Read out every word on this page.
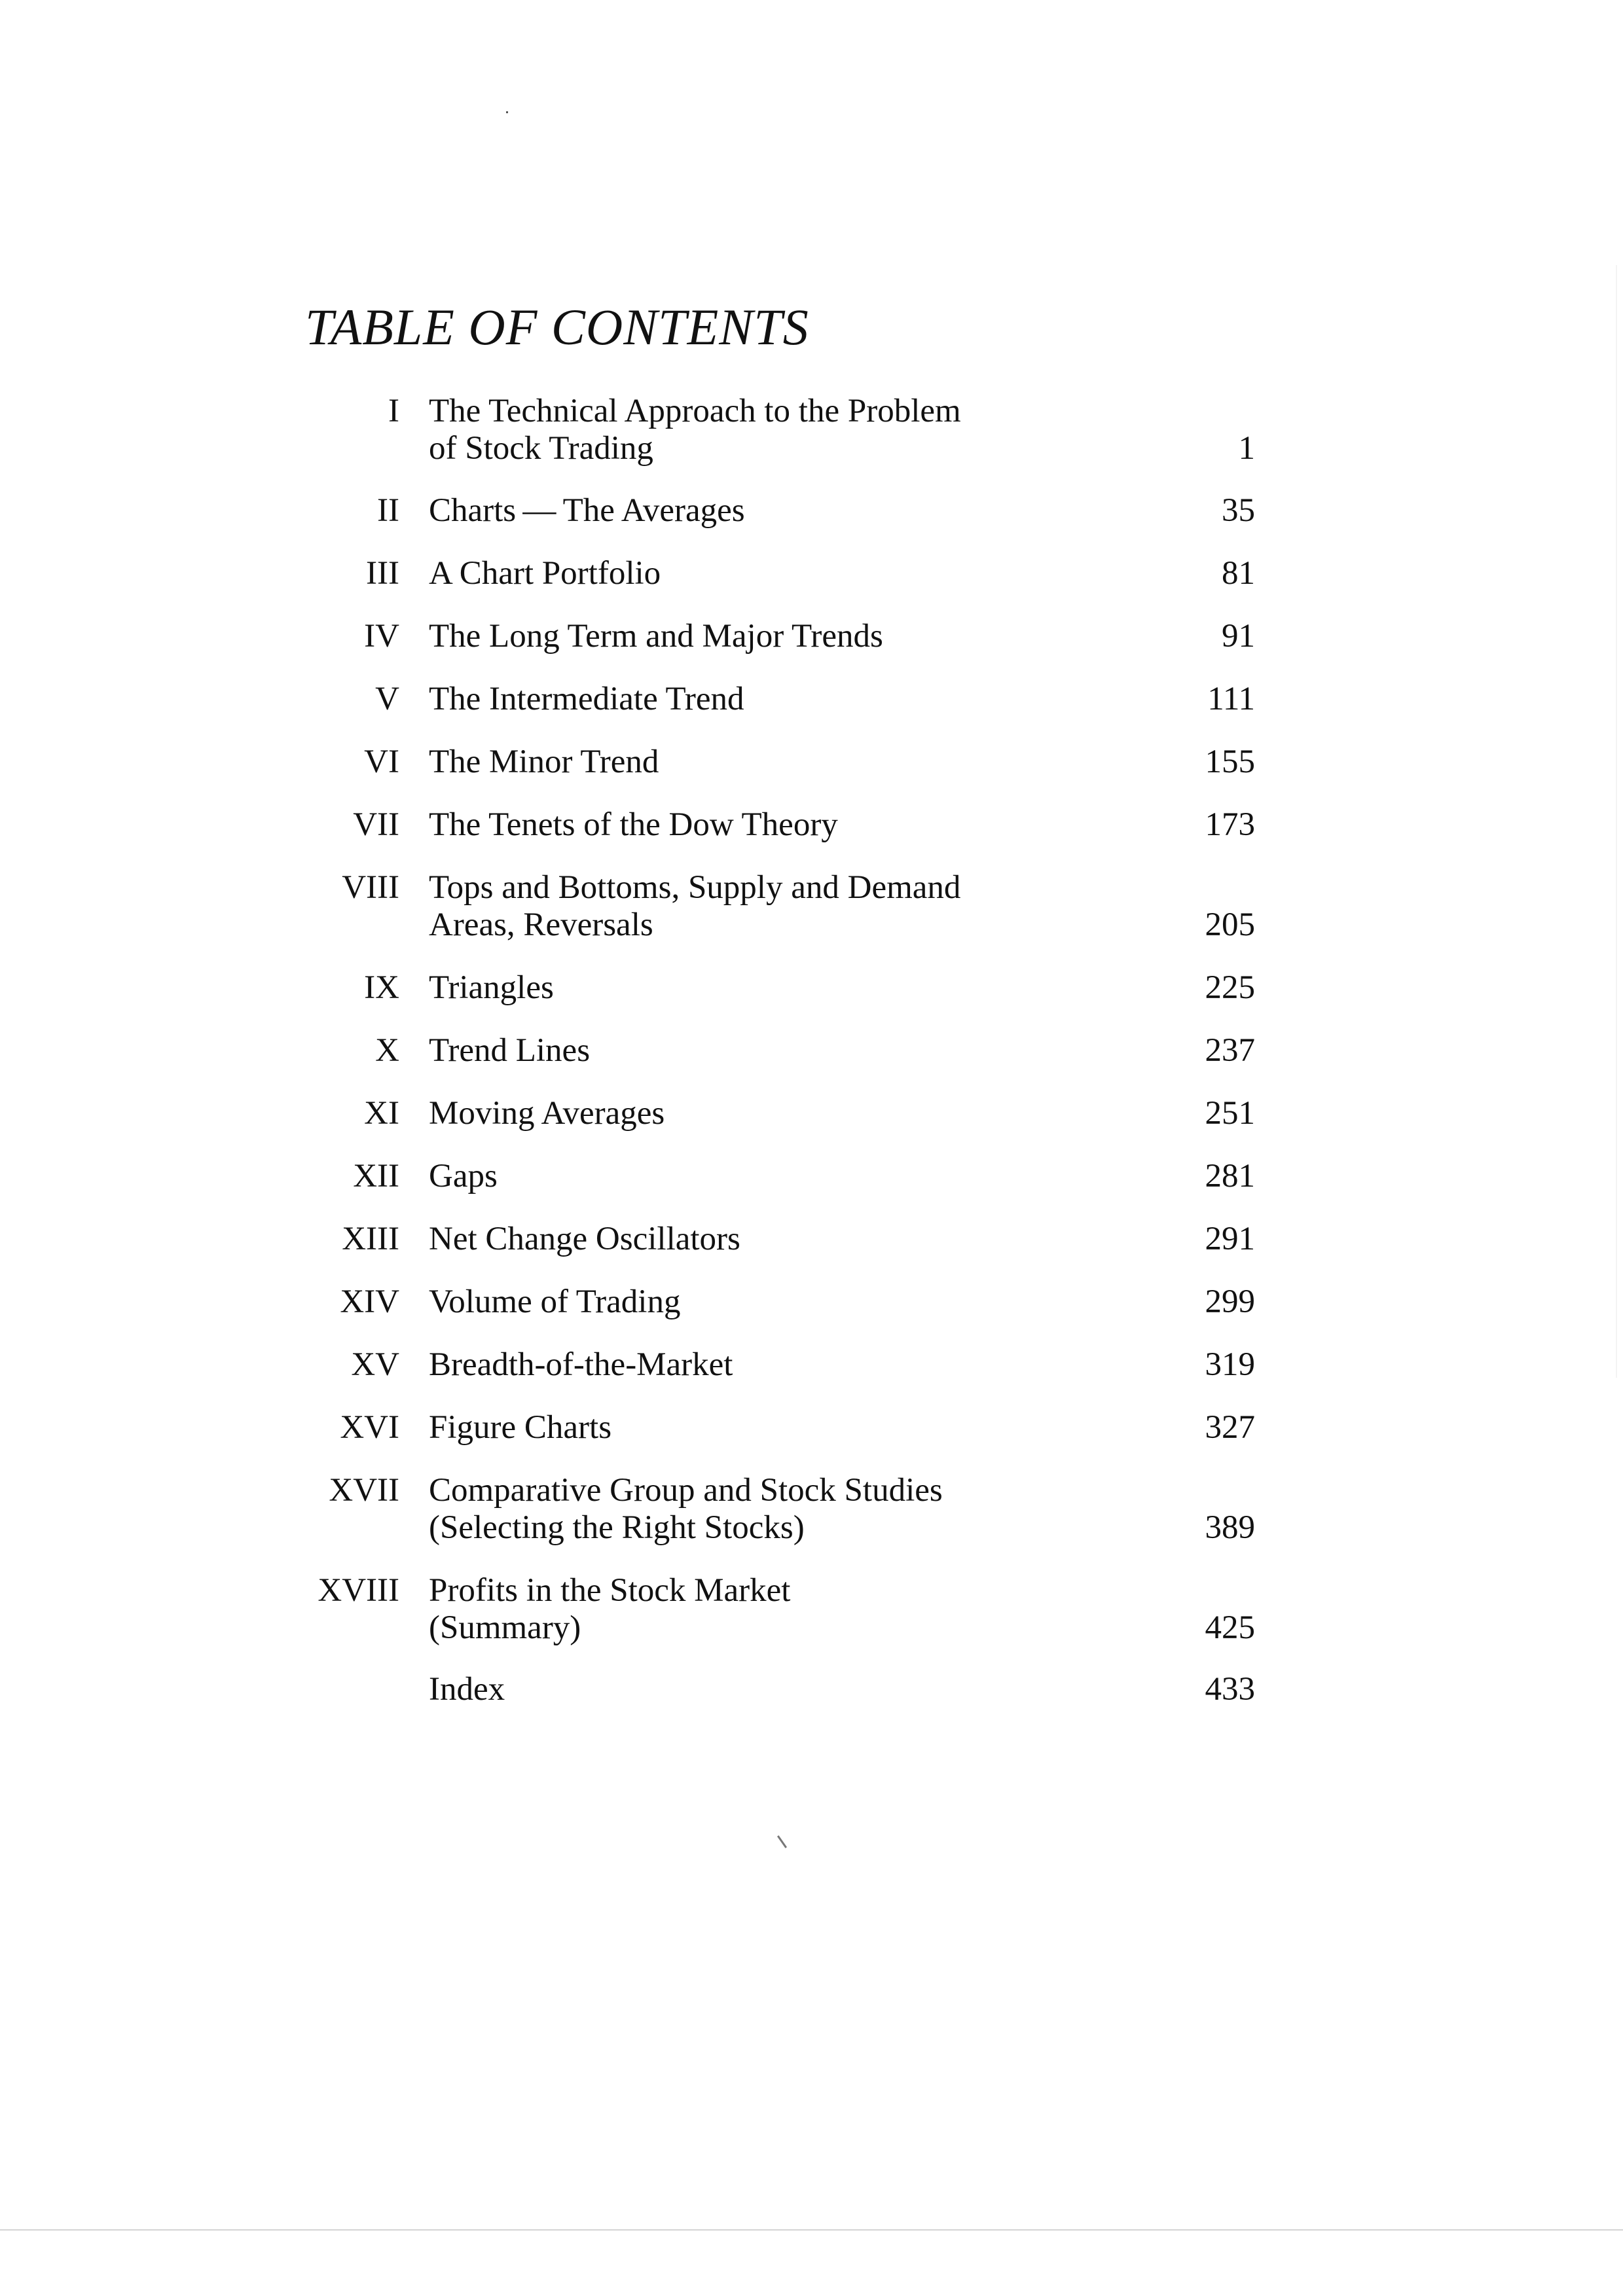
TABLE OF CONTENTS
I The Technical Approach to the Problem
of Stock Trading	1
II Charts — The Averages	35
III A Chart Portfolio	81
IV The Long Term and Major Trends	91
V The Intermediate Trend	111
VI The Minor Trend	155
VII The Tenets of the Dow Theory	173
VIII Tops and Bottoms, Supply and Demand
Areas, Reversals	205
IX Triangles	225
X Trend Lines	237
XI Moving Averages	251
XII Gaps	281
XIII Net Change Oscillators	291
XIV Volume of Trading	299
XV Breadth-of-the-Market	319
XVI Figure Charts	327
XVII Comparative Group and Stock Studies
(Selecting the Right Stocks)	389
XVIII Profits in the Stock Market
(Summary)	425
Index	433
